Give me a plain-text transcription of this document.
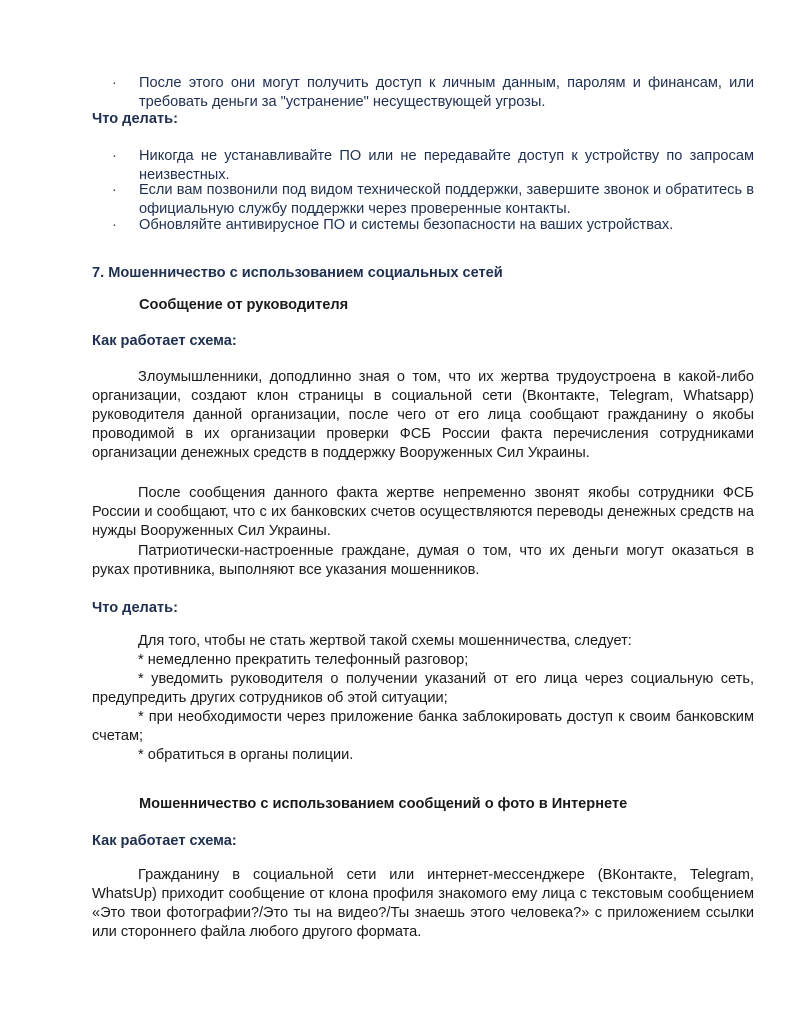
· После этого они могут получить доступ к личным данным, паролям и финансам, или требовать деньги за "устранение" несуществующей угрозы.

Что делать:

· Никогда не устанавливайте ПО или не передавайте доступ к устройству по запросам неизвестных.

· Если вам позвонили под видом технической поддержки, завершите звонок и обратитесь в официальную службу поддержки через проверенные контакты.

· Обновляйте антивирусное ПО и системы безопасности на ваших устройствах.

7. Мошенничество с использованием социальных сетей

Сообщение от руководителя

Как работает схема:

Злоумышленники, доподлинно зная о том, что их жертва трудоустроена в какой-либо организации, создают клон страницы в социальной сети (Вконтакте, Telegram, Whatsapp) руководителя данной организации, после чего от его лица сообщают гражданину о якобы проводимой в их организации проверки ФСБ России факта перечисления сотрудниками организации денежных средств в поддержку Вооруженных Сил Украины.

После сообщения данного факта жертве непременно звонят якобы сотрудники ФСБ России и сообщают, что с их банковских счетов осуществляются переводы денежных средств на нужды Вооруженных Сил Украины.

Патриотически-настроенные граждане, думая о том, что их деньги могут оказаться в руках противника, выполняют все указания мошенников.

Что делать:

Для того, чтобы не стать жертвой такой схемы мошенничества, следует:

* немедленно прекратить телефонный разговор;

* уведомить руководителя о получении указаний от его лица через социальную сеть, предупредить других сотрудников об этой ситуации;

* при необходимости через приложение банка заблокировать доступ к своим банковским счетам;

* обратиться в органы полиции.

Мошенничество с использованием сообщений о фото в Интернете

Как работает схема:

Гражданину в социальной сети или интернет-мессенджере (ВКонтакте, Telegram, WhatsUp) приходит сообщение от клона профиля знакомого ему лица с текстовым сообщением «Это твои фотографии?/Это ты на видео?/Ты знаешь этого человека?» с приложением ссылки или стороннего файла любого другого формата.
